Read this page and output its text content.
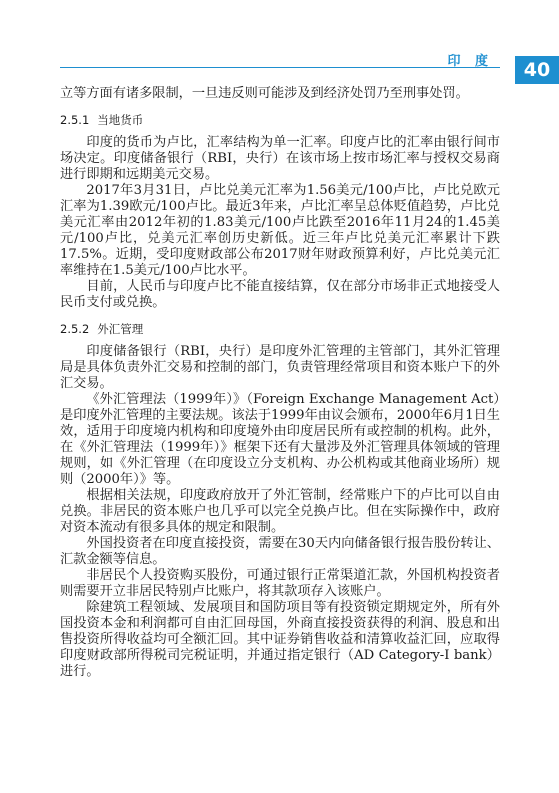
印 度 40

立等方面有诸多限制，一旦违反则可能涉及到经济处罚乃至刑事处罚。

2.5.1 当地货币

印度的货币为卢比，汇率结构为单一汇率。印度卢比的汇率由银行间市场决定。印度储备银行（RBI，央行）在该市场上按市场汇率与授权交易商进行即期和远期美元交易。

2017年3月31日，卢比兑美元汇率为1.56美元/100卢比，卢比兑欧元汇率为1.39欧元/100卢比。最近3年来，卢比汇率呈总体贬值趋势，卢比兑美元汇率由2012年初的1.83美元/100卢比跌至2016年11月24的1.45美元/100卢比，兑美元汇率创历史新低。近三年卢比兑美元汇率累计下跌17.5%。近期，受印度财政部公布2017财年财政预算利好，卢比兑美元汇率维持在1.5美元/100卢比水平。

目前，人民币与印度卢比不能直接结算，仅在部分市场非正式地接受人民币支付或兑换。

2.5.2 外汇管理

印度储备银行（RBI，央行）是印度外汇管理的主管部门，其外汇管理局是具体负责外汇交易和控制的部门，负责管理经常项目和资本账户下的外汇交易。

《外汇管理法（1999年）》（Foreign Exchange Management Act）是印度外汇管理的主要法规。该法于1999年由议会颁布，2000年6月1日生效，适用于印度境内机构和印度境外由印度居民所有或控制的机构。此外，在《外汇管理法（1999年）》框架下还有大量涉及外汇管理具体领域的管理规则，如《外汇管理（在印度设立分支机构、办公机构或其他商业场所）规则（2000年）》等。

根据相关法规，印度政府放开了外汇管制，经常账户下的卢比可以自由兑换。非居民的资本账户也几乎可以完全兑换卢比。但在实际操作中，政府对资本流动有很多具体的规定和限制。

外国投资者在印度直接投资，需要在30天内向储备银行报告股份转让、汇款金额等信息。

非居民个人投资购买股份，可通过银行正常渠道汇款，外国机构投资者则需要开立非居民特别卢比账户，将其款项存入该账户。

除建筑工程领域、发展项目和国防项目等有投资锁定期规定外，所有外国投资本金和利润都可自由汇回母国，外商直接投资获得的利润、股息和出售投资所得收益均可全额汇回。其中证券销售收益和清算收益汇回，应取得印度财政部所得税司完税证明，并通过指定银行（AD Category-I bank）进行。
